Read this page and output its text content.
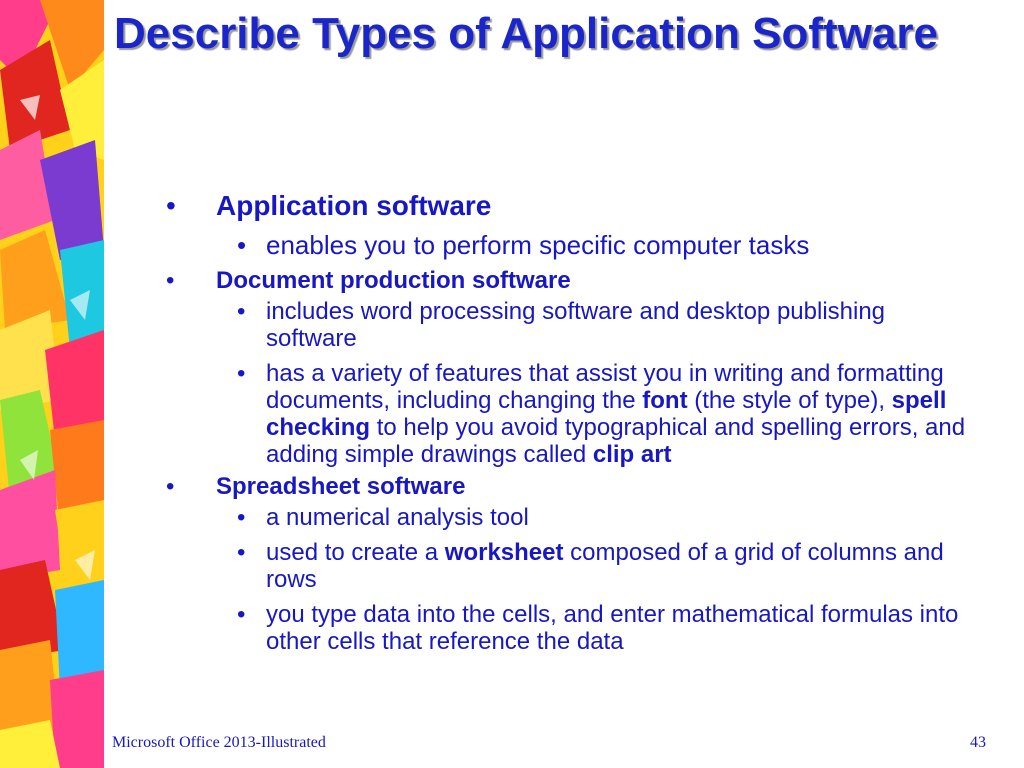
Describe Types of Application Software

• Application software

• enables you to perform specific computer tasks

• Document production software

• includes word processing software and desktop publishing software

• has a variety of features that assist you in writing and formatting documents, including changing the font (the style of type), spell checking to help you avoid typographical and spelling errors, and adding simple drawings called clip art

• Spreadsheet software

• a numerical analysis tool

• used to create a worksheet composed of a grid of columns and rows

• you type data into the cells, and enter mathematical formulas into other cells that reference the data

Microsoft Office 2013-Illustrated	43
